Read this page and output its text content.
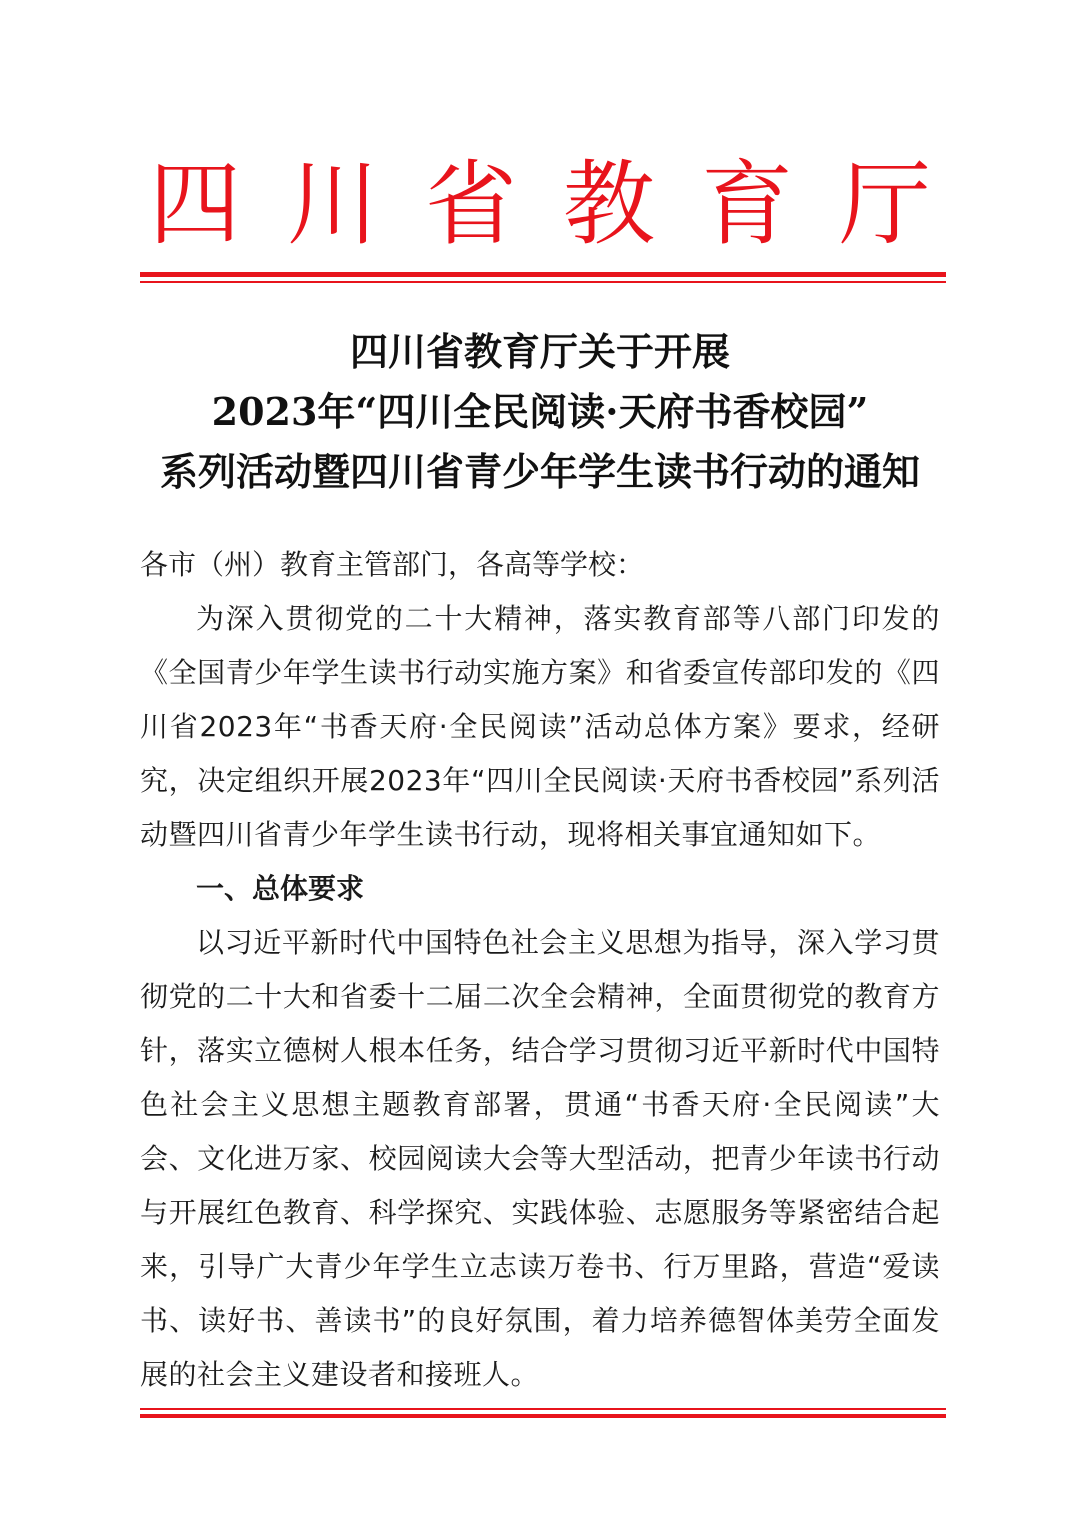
四 川 省 教 育 厅
四川省教育厅关于开展
2023年“四川全民阅读·天府书香校园”
系列活动暨四川省青少年学生读书行动的通知
各市（州）教育主管部门，各高等学校：
为深入贯彻党的二十大精神，落实教育部等八部门印发的《全国青少年学生读书行动实施方案》和省委宣传部印发的《四川省2023年“书香天府·全民阅读”活动总体方案》要求，经研究，决定组织开展2023年“四川全民阅读·天府书香校园”系列活动暨四川省青少年学生读书行动，现将相关事宜通知如下。
一、总体要求
以习近平新时代中国特色社会主义思想为指导，深入学习贯彻党的二十大和省委十二届二次全会精神，全面贯彻党的教育方针，落实立德树人根本任务，结合学习贯彻习近平新时代中国特色社会主义思想主题教育部署，贯通“书香天府·全民阅读”大会、文化进万家、校园阅读大会等大型活动，把青少年读书行动与开展红色教育、科学探究、实践体验、志愿服务等紧密结合起来，引导广大青少年学生立志读万卷书、行万里路，营造“爱读书、读好书、善读书”的良好氛围，着力培养德智体美劳全面发展的社会主义建设者和接班人。
